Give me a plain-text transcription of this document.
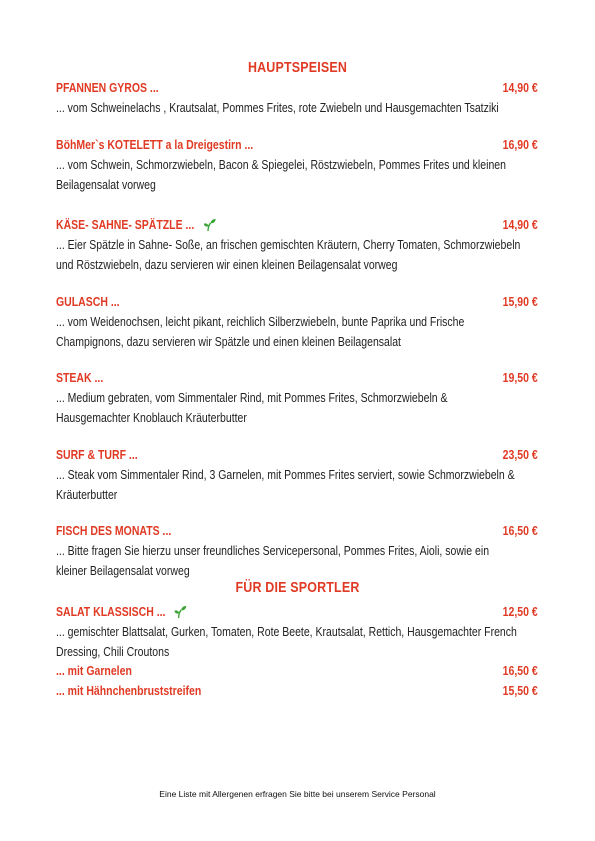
HAUPTSPEISEN
PFANNEN GYROS ...	14,90 €
... vom Schweinelachs , Krautsalat, Pommes Frites, rote Zwiebeln und Hausgemachten Tsatziki
BöhMer`s KOTELETT a la Dreigestirn ...	16,90 €
... vom Schwein, Schmorzwiebeln, Bacon & Spiegelei, Röstzwiebeln, Pommes Frites und kleinen
Beilagensalat vorweg
KÄSE- SAHNE- SPÄTZLE ...	14,90 €
... Eier Spätzle in Sahne- Soße, an frischen gemischten Kräutern, Cherry Tomaten, Schmorzwiebeln
und Röstzwiebeln, dazu servieren wir einen kleinen Beilagensalat vorweg
GULASCH ...	15,90 €
... vom Weidenochsen, leicht pikant, reichlich Silberzwiebeln, bunte Paprika und Frische
Champignons, dazu servieren wir Spätzle und einen kleinen Beilagensalat
STEAK ...	19,50 €
... Medium gebraten, vom Simmentaler Rind, mit Pommes Frites, Schmorzwiebeln &
Hausgemachter Knoblauch Kräuterbutter
SURF & TURF ...	23,50 €
... Steak vom Simmentaler Rind, 3 Garnelen, mit Pommes Frites serviert, sowie Schmorzwiebeln &
Kräuterbutter
FISCH DES MONATS ...	16,50 €
... Bitte fragen Sie hierzu unser freundliches Servicepersonal, Pommes Frites, Aioli, sowie ein
kleiner Beilagensalat vorweg
FÜR DIE SPORTLER
SALAT KLASSISCH ...	12,50 €
... gemischter Blattsalat, Gurken, Tomaten, Rote Beete, Krautsalat, Rettich, Hausgemachter French
Dressing, Chili Croutons
... mit Garnelen	16,50 €
... mit Hähnchenbruststreifen	15,50 €
Eine Liste mit Allergenen erfragen Sie bitte bei unserem Service Personal
